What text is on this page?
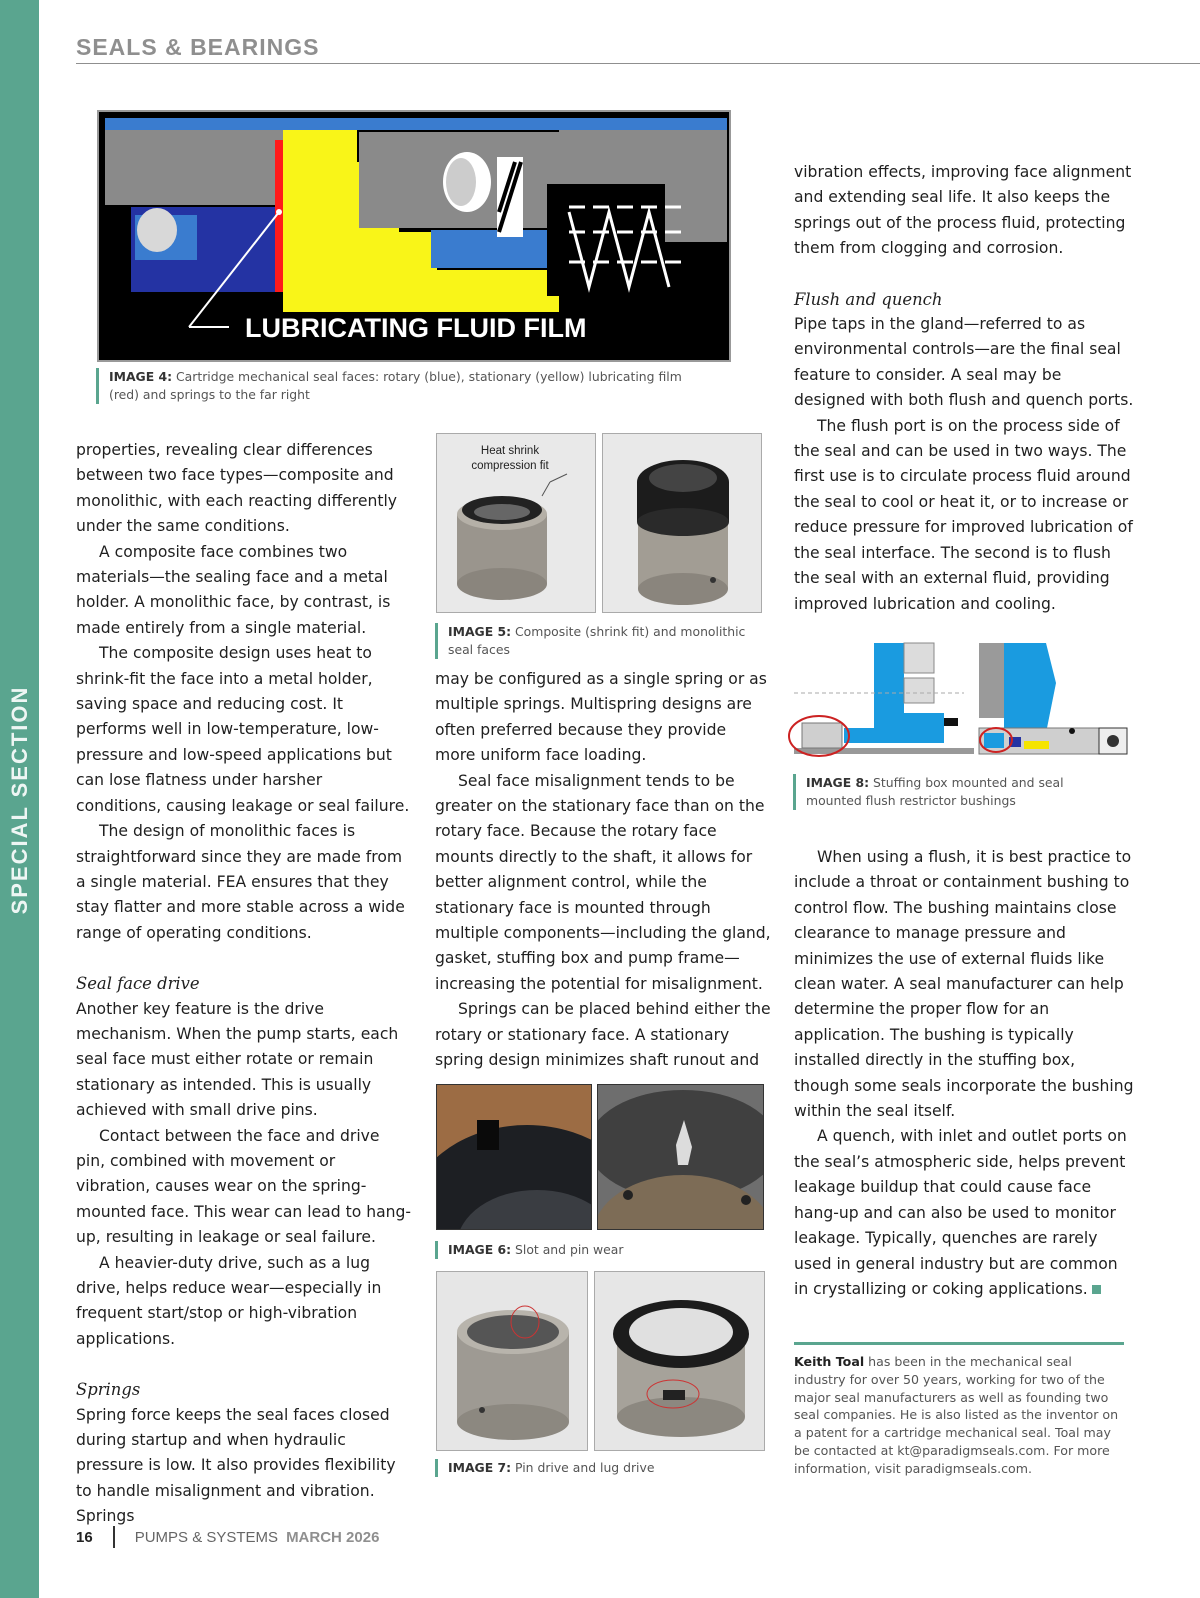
SPECIAL SECTION
SEALS & BEARINGS
LUBRICATING FLUID FILM
IMAGE 4: Cartridge mechanical seal faces: rotary (blue), stationary (yellow) lubricating film (red) and springs to the far right

properties, revealing clear differences between two face types—composite and monolithic, with each reacting differently under the same conditions.

A composite face combines two materials—the sealing face and a metal holder. A monolithic face, by contrast, is made entirely from a single material.

The composite design uses heat to shrink-fit the face into a metal holder, saving space and reducing cost. It performs well in low-temperature, low-pressure and low-speed applications but can lose flatness under harsher conditions, causing leakage or seal failure.

The design of monolithic faces is straightforward since they are made from a single material. FEA ensures that they stay flatter and more stable across a wide range of operating conditions.

Seal face drive

Another key feature is the drive mechanism. When the pump starts, each seal face must either rotate or remain stationary as intended. This is usually achieved with small drive pins.

Contact between the face and drive pin, combined with movement or vibration, causes wear on the spring-mounted face. This wear can lead to hang-up, resulting in leakage or seal failure.

A heavier-duty drive, such as a lug drive, helps reduce wear—especially in frequent start/stop or high-vibration applications.

Springs

Spring force keeps the seal faces closed during startup and when hydraulic pressure is low. It also provides flexibility to handle misalignment and vibration. Springs

Heat shrink compression fit
IMAGE 5: Composite (shrink fit) and monolithic seal faces

may be configured as a single spring or as multiple springs. Multispring designs are often preferred because they provide more uniform face loading.

Seal face misalignment tends to be greater on the stationary face than on the rotary face. Because the rotary face mounts directly to the shaft, it allows for better alignment control, while the stationary face is mounted through multiple components—including the gland, gasket, stuffing box and pump frame—increasing the potential for misalignment.

Springs can be placed behind either the rotary or stationary face. A stationary spring design minimizes shaft runout and

IMAGE 6: Slot and pin wear
IMAGE 7: Pin drive and lug drive

vibration effects, improving face alignment and extending seal life. It also keeps the springs out of the process fluid, protecting them from clogging and corrosion.

Flush and quench

Pipe taps in the gland—referred to as environmental controls—are the final seal feature to consider. A seal may be designed with both flush and quench ports.

The flush port is on the process side of the seal and can be used in two ways. The first use is to circulate process fluid around the seal to cool or heat it, or to increase or reduce pressure for improved lubrication of the seal interface. The second is to flush the seal with an external fluid, providing improved lubrication and cooling.

IMAGE 8: Stuffing box mounted and seal mounted flush restrictor bushings

When using a flush, it is best practice to include a throat or containment bushing to control flow. The bushing maintains close clearance to manage pressure and minimizes the use of external fluids like clean water. A seal manufacturer can help determine the proper flow for an application. The bushing is typically installed directly in the stuffing box, though some seals incorporate the bushing within the seal itself.

A quench, with inlet and outlet ports on the seal’s atmospheric side, helps prevent leakage buildup that could cause face hang-up and can also be used to monitor leakage. Typically, quenches are rarely used in general industry but are common in crystallizing or coking applications.

Keith Toal has been in the mechanical seal industry for over 50 years, working for two of the major seal manufacturers as well as founding two seal companies. He is also listed as the inventor on a patent for a cartridge mechanical seal. Toal may be contacted at kt@paradigmseals.com. For more information, visit paradigmseals.com.
16	PUMPS & SYSTEMS MARCH 2026
